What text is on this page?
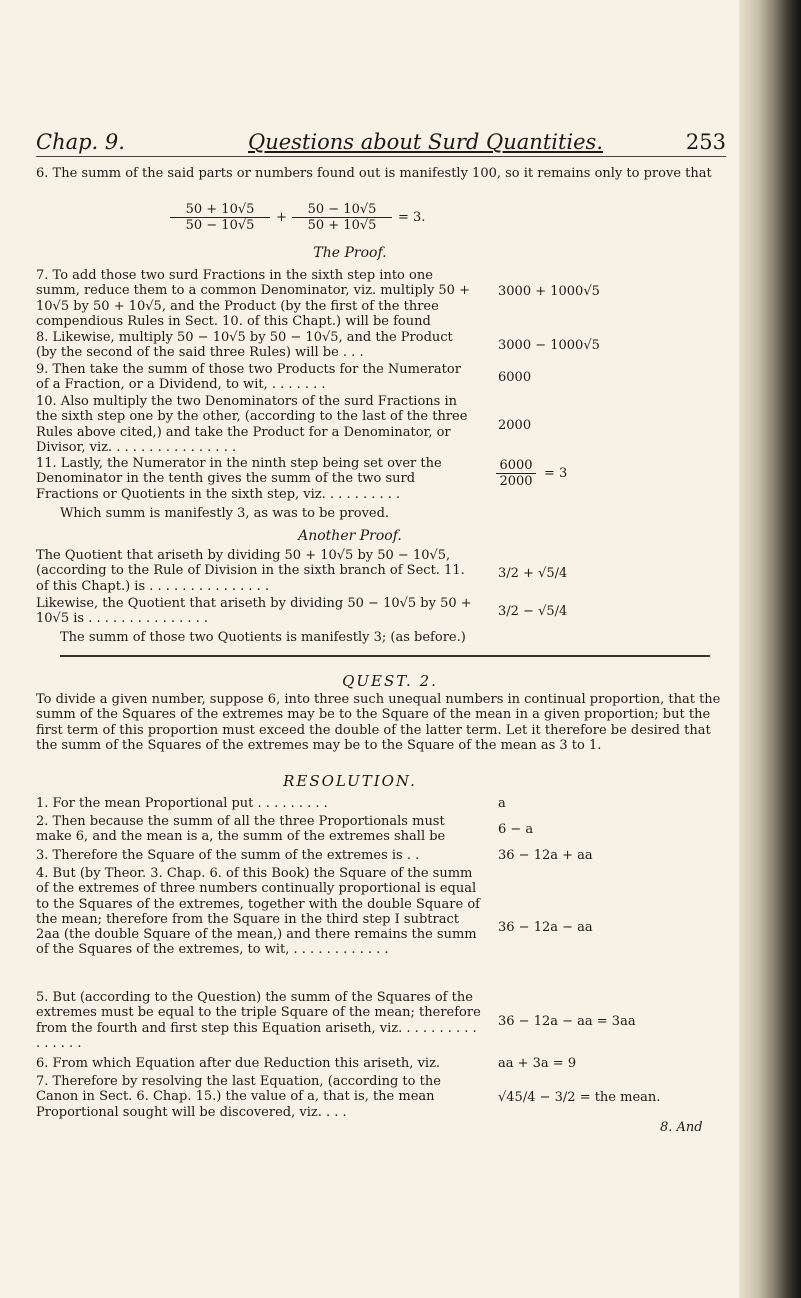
Chap. 9.	Questions about Surd Quantities.	253
6. The summ of the said parts or numbers found out is manifestly 100, so it remains only to prove that
$\frac{50 + 10√5}{50 - 10√5} + \frac{50 - 10√5}{50 + 10√5} = 3$.
The Proof.
7. To add those two surd Fractions in the sixth step into one summ, reduce them to a common Denominator, viz. multiply 50 + 10√5 by 50 + 10√5, and the Product (by the first of the three compendious Rules in Sect. 10. of this Chapt.) will be found
3000 + 1000√5
8. Likewise, multiply 50 − 10√5 by 50 − 10√5, and the Product (by the second of the said three Rules) will be . . .	3000 − 1000√5
9. Then take the summ of those two Products for the Numerator of a Fraction, or a Dividend, to wit, . . . . . . .	6000
10. Also multiply the two Denominators of the surd Fractions in the sixth step one by the other, (according to the last of the three Rules above cited,) and take the Product for a Denominator, or Divisor, viz. . . . . . . . . . . . . . . .
2000
11. Lastly, the Numerator in the ninth step being set over the Denominator in the tenth gives the summ of the two surd Fractions or Quotients in the sixth step, viz. . . . . . . . . .
$\frac{6000}{2000} = 3$
Which summ is manifestly 3, as was to be proved.
Another Proof.
The Quotient that ariseth by dividing 50 + 10√5 by 50 − 10√5, (according to the Rule of Division in the sixth branch of Sect. 11. of this Chapt.) is . . . . . . . . . . . . . . .
3/2 + √5/4
Likewise, the Quotient that ariseth by dividing 50 − 10√5 by 50 + 10√5 is . . . . . . . . . . . . . . .	3/2 − √5/4
The summ of those two Quotients is manifestly 3; (as before.)
QUEST. 2.
To divide a given number, suppose 6, into three such unequal numbers in continual proportion, that the summ of the Squares of the extremes may be to the Square of the mean in a given proportion; but the first term of this proportion must exceed the double of the latter term. Let it therefore be desired that the summ of the Squares of the extremes may be to the Square of the mean as 3 to 1.
RESOLUTION.
1. For the mean Proportional put . . . . . . . . .	a
2. Then because the summ of all the three Proportionals must make 6, and the mean is a, the summ of the extremes shall be	6 − a
3. Therefore the Square of the summ of the extremes is . .	36 − 12a + aa
4. But (by Theor. 3. Chap. 6. of this Book) the Square of the summ of the extremes of three numbers continually proportional is equal to the Squares of the extremes, together with the double Square of the mean; therefore from the Square in the third step I subtract 2aa (the double Square of the mean,) and there remains the summ of the Squares of the extremes, to wit, . . . . . . . . . . . .
36 − 12a − aa
5. But (according to the Question) the summ of the Squares of the extremes must be equal to the triple Square of the mean; therefore from the fourth and first step this Equation ariseth, viz. . . . . . . . . . . . . . . .
36 − 12a − aa = 3aa
6. From which Equation after due Reduction this ariseth, viz.	aa + 3a = 9
7. Therefore by resolving the last Equation, (according to the Canon in Sect. 6. Chap. 15.) the value of a, that is, the mean Proportional sought will be discovered, viz. . . .
√45/4 − 3/2 = the mean.
8. And
